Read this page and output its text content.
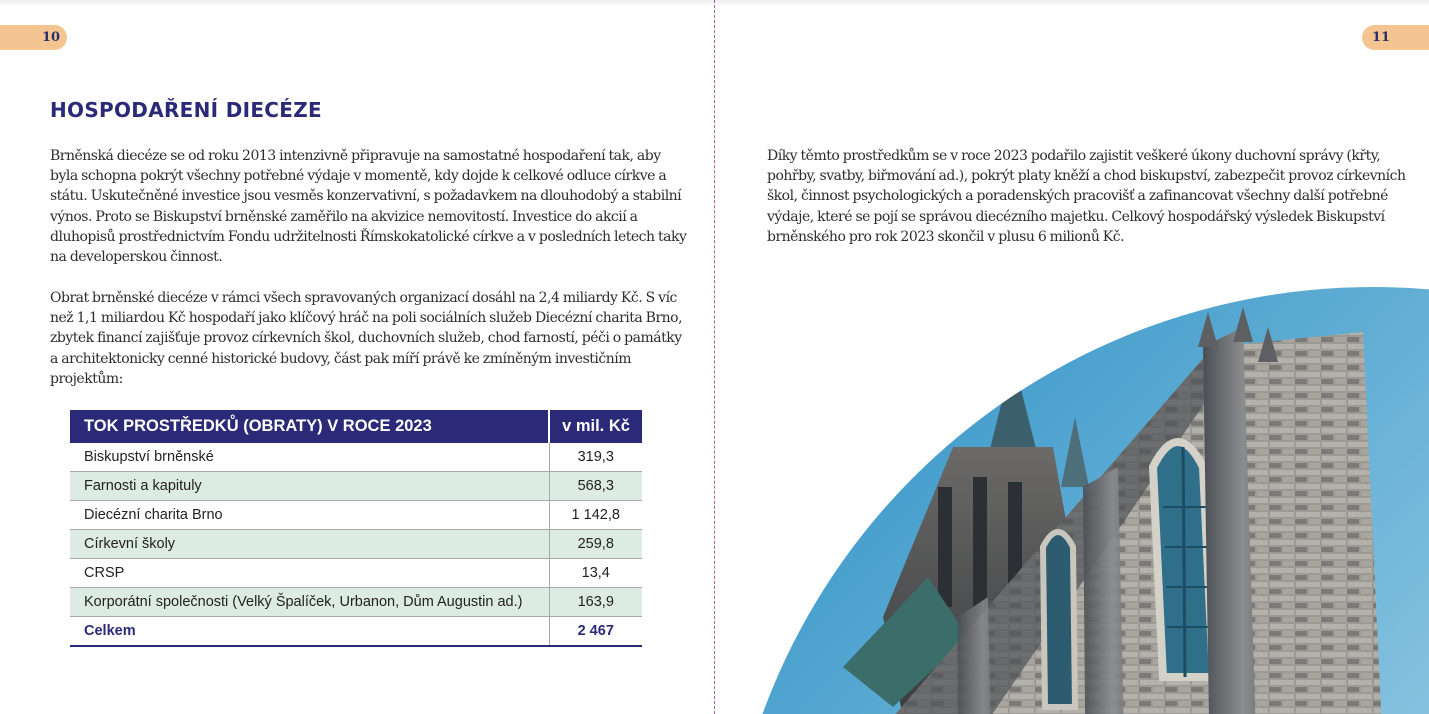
10
HOSPODAŘENÍ DIECÉZE

Brněnská diecéze se od roku 2013 intenzivně připravuje na samostatné hospodaření tak, aby byla schopna pokrýt všechny potřebné výdaje v momentě, kdy dojde k celkové odluce církve a státu. Uskutečněné investice jsou vesměs konzervativní, s požadavkem na dlouhodobý a stabilní výnos. Proto se Biskupství brněnské zaměřilo na akvizice nemovitostí. Investice do akcií a dluhopisů prostřednictvím Fondu udržitelnosti Římskokatolické církve a v posledních letech taky na developerskou činnost.

Obrat brněnské diecéze v rámci všech spravovaných organizací dosáhl na 2,4 miliardy Kč. S víc než 1,1 miliardou Kč hospodaří jako klíčový hráč na poli sociálních služeb Diecézní charita Brno, zbytek financí zajišťuje provoz církevních škol, duchovních služeb, chod farností, péči o památky a architektonicky cenné historické budovy, část pak míří právě ke zmíněným investičním projektům:

TOK PROSTŘEDKŮ (OBRATY) V ROCE 2023	v mil. Kč
Biskupství brněnské	319,3
Farnosti a kapituly	568,3
Diecézní charita Brno	1 142,8
Církevní školy	259,8
CRSP	13,4
Korporátní společnosti (Velký Špalíček, Urbanon, Dům Augustin ad.)	163,9
Celkem	2 467
11

Díky těmto prostředkům se v roce 2023 podařilo zajistit veškeré úkony duchovní správy (křty, pohřby, svatby, biřmování ad.), pokrýt platy kněží a chod biskupství, zabezpečit provoz církevních škol, činnost psychologických a poradenských pracovišť a zafinancovat všechny další potřebné výdaje, které se pojí se správou diecézního majetku. Celkový hospodářský výsledek Biskupství brněnského pro rok 2023 skončil v plusu 6 milionů Kč.
